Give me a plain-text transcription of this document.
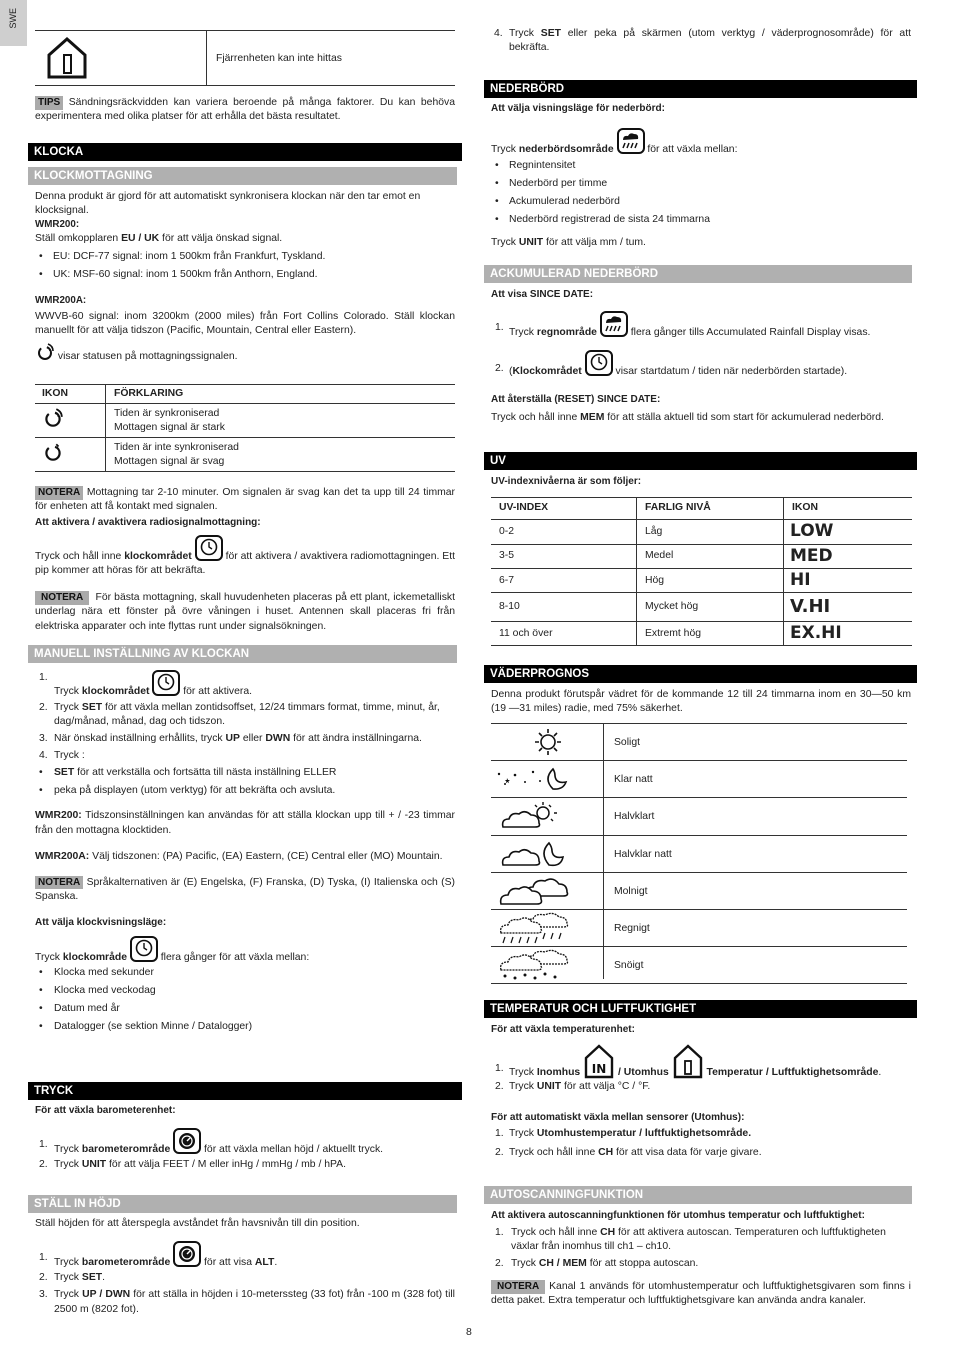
SWE
Fjärrenheten kan inte hittas

TIPS Sändningsräckvidden kan variera beroende på många faktorer. Du kan behöva experimentera med olika platser för att erhålla det bästa resultatet.

KLOCKA
KLOCKMOTTAGNING

Denna produkt är gjord för att automatiskt synkronisera klockan när den tar emot en klocksignal.

WMR200:

Ställ omkopplaren EU / UK för att välja önskad signal.

• EU: DCF-77 signal: inom 1 500km från Frankfurt, Tyskland.
• UK: MSF-60 signal: inom 1 500km från Anthorn, England.

WMR200A:

WWVB-60 signal: inom 3200km (2000 miles) från Fort Collins Colorado. Ställ klockan manuellt för att välja tidszon (Pacific, Mountain, Central eller Eastern).

visar statusen på mottagningssignalen.

IKON	FÖRKLARING
	Tiden är synkroniserad
Mottagen signal är stark
	Tiden är inte synkroniserad
Mottagen signal är svag

NOTERA Mottagning tar 2-10 minuter. Om signalen är svag kan det ta upp till 24 timmar för enheten att få kontakt med signalen.

Att aktivera / avaktivera radiosignalmottagning:

Tryck och håll inne klockområdet	för att aktivera / avaktivera radiomottagningen. Ett pip kommer att höras för att bekräfta.

NOTERA För bästa mottagning, skall huvudenheten placeras på ett plant, ickemetalliskt underlag nära ett fönster på övre våningen i huset. Antennen skall placeras fri från elektriska apparater och inte flyttas runt under signalsökningen.

MANUELL INSTÄLLNING AV KLOCKAN
1.
Tryck klockområdet	för att aktivera.
2. Tryck SET för att växla mellan zontidsoffset, 12/24 timmars format, timme, minut, år, dag/månad, månad, dag och tidszon.
3. När önskad inställning erhållits, tryck UP eller DWN för att ändra inställningarna.
4. Tryck :
• SET för att verkställa och fortsätta till nästa inställning ELLER
• peka på displayen (utom verktyg) för att bekräfta och avsluta.

WMR200: Tidszonsinställningen kan användas för att ställa klockan upp till + / -23 timmar från den mottagna klocktiden.

WMR200A: Välj tidszonen: (PA) Pacific, (EA) Eastern, (CE) Central eller (MO) Mountain.

NOTERA Språkalternativen är (E) Engelska, (F) Franska, (D) Tyska, (I) Italienska och (S) Spanska.

Att välja klockvisningsläge:

Tryck klockområde	flera gånger för att växla mellan:

• Klocka med sekunder
• Klocka med veckodag
• Datum med år
• Datalogger (se sektion Minne / Datalogger)
TRYCK

För att växla barometerenhet:

1. Tryck barometerområde	för att växla mellan höjd / aktuellt tryck.
2. Tryck UNIT för att välja FEET / M eller inHg / mmHg / mb / hPA.
STÄLL IN HÖJD

Ställ höjden för att återspegla avståndet från havsnivån till din position.

1. Tryck barometerområde	för att visa ALT.
2. Tryck SET.
3. Tryck UP / DWN för att ställa in höjden i 10-meterssteg (33 fot) från -100 m (328 fot) till 2500 m (8202 fot).
4. Tryck SET eller peka på skärmen (utom verktyg / väderprognosområde) för att bekräfta.
NEDERBÖRD

Att välja visningsläge för nederbörd:

Tryck nederbördsområde	för att växla mellan:

• Regnintensitet
• Nederbörd per timme
• Ackumulerad nederbörd
• Nederbörd registrerad de sista 24 timmarna

Tryck UNIT för att välja mm / tum.

ACKUMULERAD NEDERBÖRD

Att visa SINCE DATE:

1. Tryck regnområde	flera gånger tills Accumulated Rainfall Display visas.
2. (Klockområdet	visar startdatum / tiden när nederbörden startade).

Att återställa (RESET) SINCE DATE:

Tryck och håll inne MEM för att ställa aktuell tid som start för ackumulerad nederbörd.

UV

UV-indexnivåerna är som följer:

UV-INDEX	FARLIG NIVÅ	IKON
0-2	Låg	LOW
3-5	Medel	MED
6-7	Hög	HI
8-10	Mycket hög	V.HI
11 och över	Extremt hög	EX.HI
VÄDERPROGNOS

Denna produkt förutspår vädret för de kommande 12 till 24 timmarna inom en 30—50 km (19 —31 miles) radie, med 75% säkerhet.

Soligt
Klar natt
Halvklart
Halvklar natt
Molnigt
Regnigt
Snöigt
TEMPERATUR OCH LUFTFUKTIGHET

För att växla temperaturenhet:

1. Tryck Inomhus IN / Utomhus	Temperatur / Luftfuktighetsområde.
2. Tryck UNIT för att välja °C / °F.

För att automatiskt växla mellan sensorer (Utomhus):

1. Tryck Utomhustemperatur / luftfuktighetsområde.
2. Tryck och håll inne CH för att visa data för varje givare.
AUTOSCANNINGFUNKTION

Att aktivera autoscanningfunktionen för utomhus temperatur och luftfuktighet:

1. Tryck och håll inne CH för att aktivera autoscan. Temperaturen och luftfuktigheten växlar från inomhus till ch1 – ch10.
2. Tryck CH / MEM för att stoppa autoscan.

NOTERA Kanal 1 används för utomhustemperatur och luftfuktighetsgivaren som finns i detta paket. Extra temperatur och luftfuktighetsgivare kan använda andra kanaler.

8
